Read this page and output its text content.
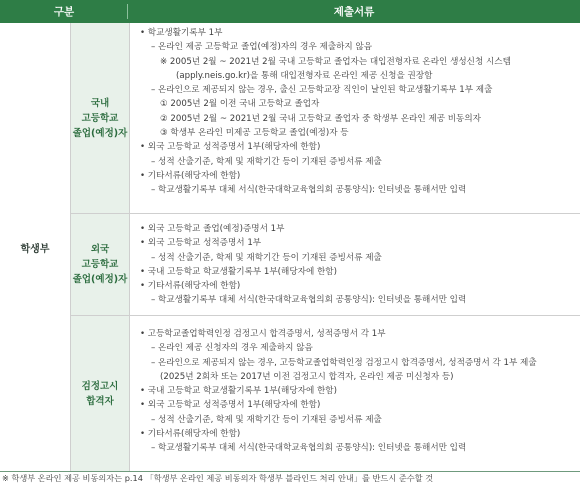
구분	제출서류
학생부
국내
고등학교
졸업(예정)자
• 학교생활기록부 1부
– 온라인 제공 고등학교 졸업(예정)자의 경우 제출하지 않음
※ 2005년 2월 ~ 2021년 2월 국내 고등학교 졸업자는 대입전형자료 온라인 생성신청 시스템
(apply.neis.go.kr)을 통해 대입전형자료 온라인 제공 신청을 권장함
– 온라인으로 제공되지 않는 경우, 출신 고등학교장 직인이 날인된 학교생활기록부 1부 제출
① 2005년 2월 이전 국내 고등학교 졸업자
② 2005년 2월 ~ 2021년 2월 국내 고등학교 졸업자 중 학생부 온라인 제공 비동의자
③ 학생부 온라인 미제공 고등학교 졸업(예정)자 등
• 외국 고등학교 성적증명서 1부(해당자에 한함)
– 성적 산출기준, 학제 및 재학기간 등이 기재된 증빙서류 제출
• 기타서류(해당자에 한함)
– 학교생활기록부 대체 서식(한국대학교육협의회 공통양식): 인터넷을 통해서만 입력
외국
고등학교
졸업(예정)자
• 외국 고등학교 졸업(예정)증명서 1부
• 외국 고등학교 성적증명서 1부
– 성적 산출기준, 학제 및 재학기간 등이 기재된 증빙서류 제출
• 국내 고등학교 학교생활기록부 1부(해당자에 한함)
• 기타서류(해당자에 한함)
– 학교생활기록부 대체 서식(한국대학교육협의회 공통양식): 인터넷을 통해서만 입력
검정고시
합격자
• 고등학교졸업학력인정 검정고시 합격증명서, 성적증명서 각 1부
– 온라인 제공 신청자의 경우 제출하지 않음
– 온라인으로 제공되지 않는 경우, 고등학교졸업학력인정 검정고시 합격증명서, 성적증명서 각 1부 제출
(2025년 2회차 또는 2017년 이전 검정고시 합격자, 온라인 제공 미신청자 등)
• 국내 고등학교 학교생활기록부 1부(해당자에 한함)
• 외국 고등학교 성적증명서 1부(해당자에 한함)
– 성적 산출기준, 학제 및 재학기간 등이 기재된 증빙서류 제출
• 기타서류(해당자에 한함)
– 학교생활기록부 대체 서식(한국대학교육협의회 공통양식): 인터넷을 통해서만 입력
※ 학생부 온라인 제공 비동의자는 p.14 「학생부 온라인 제공 비동의자 학생부 블라인드 처리 안내」를 반드시 준수할 것
